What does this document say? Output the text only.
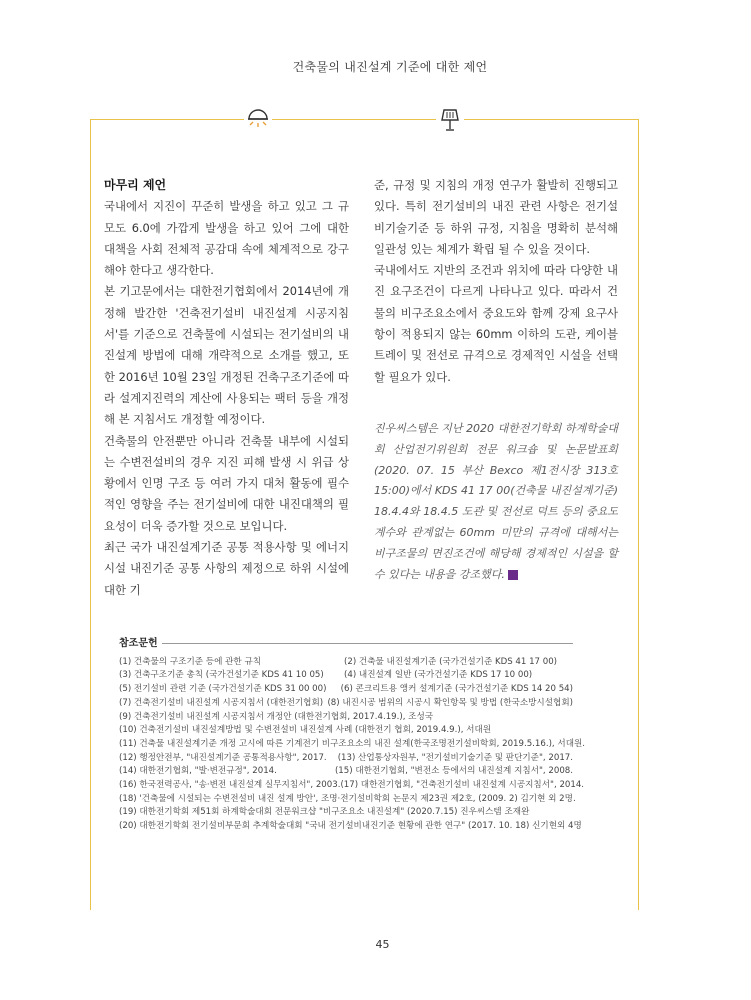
건축물의 내진설계 기준에 대한 제언

마무리 제언

국내에서 지진이 꾸준히 발생을 하고 있고 그 규모도 6.0에 가깝게 발생을 하고 있어 그에 대한 대책을 사회 전체적 공감대 속에 체계적으로 강구해야 한다고 생각한다.

본 기고문에서는 대한전기협회에서 2014년에 개정해 발간한 '건축전기설비 내진설계 시공지침서'를 기준으로 건축물에 시설되는 전기설비의 내진설계 방법에 대해 개략적으로 소개를 했고, 또한 2016년 10월 23일 개정된 건축구조기준에 따라 설계지진력의 계산에 사용되는 팩터 등을 개정해 본 지침서도 개정할 예정이다.

건축물의 안전뿐만 아니라 건축물 내부에 시설되는 수변전설비의 경우 지진 피해 발생 시 위급 상황에서 인명 구조 등 여러 가지 대처 활동에 필수적인 영향을 주는 전기설비에 대한 내진대책의 필요성이 더욱 증가할 것으로 보입니다.

최근 국가 내진설계기준 공통 적용사항 및 에너지시설 내진기준 공통 사항의 제정으로 하위 시설에 대한 기

준, 규정 및 지침의 개정 연구가 활발히 진행되고 있다. 특히 전기설비의 내진 관련 사항은 전기설비기술기준 등 하위 규정, 지침을 명확히 분석해 일관성 있는 체계가 확립 될 수 있을 것이다.

국내에서도 지반의 조건과 위치에 따라 다양한 내진 요구조건이 다르게 나타나고 있다. 따라서 건물의 비구조요소에서 중요도와 함께 강제 요구사항이 적용되지 않는 60mm 이하의 도관, 케이블 트레이 및 전선로 규격으로 경제적인 시설을 선택할 필요가 있다.

진우씨스템은 지난 2020 대한전기학회 하계학술대회 산업전기위원회 전문 워크숍 및 논문발표회(2020. 07. 15 부산 Bexco 제1전시장 313호 15:00)에서 KDS 41 17 00(건축물 내진설계기준) 18.4.4와 18.4.5 도관 및 전선로 덕트 등의 중요도계수와 관계없는 60mm 미만의 규격에 대해서는 비구조물의 면진조건에 해당해 경제적인 시설을 할 수 있다는 내용을 강조했다.

참조문헌
(1) 건축물의 구조기준 등에 관한 규칙	(2) 건축물 내진설계기준 (국가건설기준 KDS 41 17 00)
(3) 건축구조기준 총칙 (국가건설기준 KDS 41 10 05)	(4) 내진설계 일반 (국가건설기준 KDS 17 10 00)
(5) 전기설비 관련 기준 (국가건설기준 KDS 31 00 00)	(6) 콘크리트용 앵커 설계기준 (국가건설기준 KDS 14 20 54)
(7) 건축전기설비 내진설계 시공지침서 (대한전기협회) (8) 내진시공 범위의 시공시 확인항목 및 방법 (한국소방시설협회)
(9) 건축전기설비 내진설계 시공지침서 개정안 (대한전기협회, 2017.4.19.), 조성국
(10) 건축전기설비 내진설계방법 및 수변전설비 내진설계 사례 (대한전기 협회, 2019.4.9.), 서대원
(11) 건축물 내진설계기준 개정 고시에 따른 기계전기 비구조요소의 내진 설계(한국조명전기설비학회, 2019.5.16.), 서대원.
(12) 행정안전부, "내진설계기준 공통적용사항", 2017.	(13) 산업통상자원부, "전기설비기술기준 및 판단기준", 2017.
(14) 대한전기협회, "발·변전규정", 2014.	(15) 대한전기협회, "변전소 등에서의 내진설계 지침서", 2008.
(16) 한국전력공사, "송·변전 내진설계 실무지침서", 2003. (17) 대한전기협회, "건축전기설비 내진설계 시공지침서", 2014.
(18) '건축물에 시설되는 수변전설비 내진 설계 방안', 조명·전기설비학회 논문지 제23권 제2호, (2009. 2) 김기현 외 2명.
(19) 대한전기학회 제51회 하계학술대회 전문워크샵 "비구조요소 내진설계" (2020.7.15) 진우씨스템 조재완
(20) 대한전기학회 전기설비부문회 추계학술대회 "국내 전기설비내진기준 현황에 관한 연구" (2017. 10. 18) 신기현외 4명
45
